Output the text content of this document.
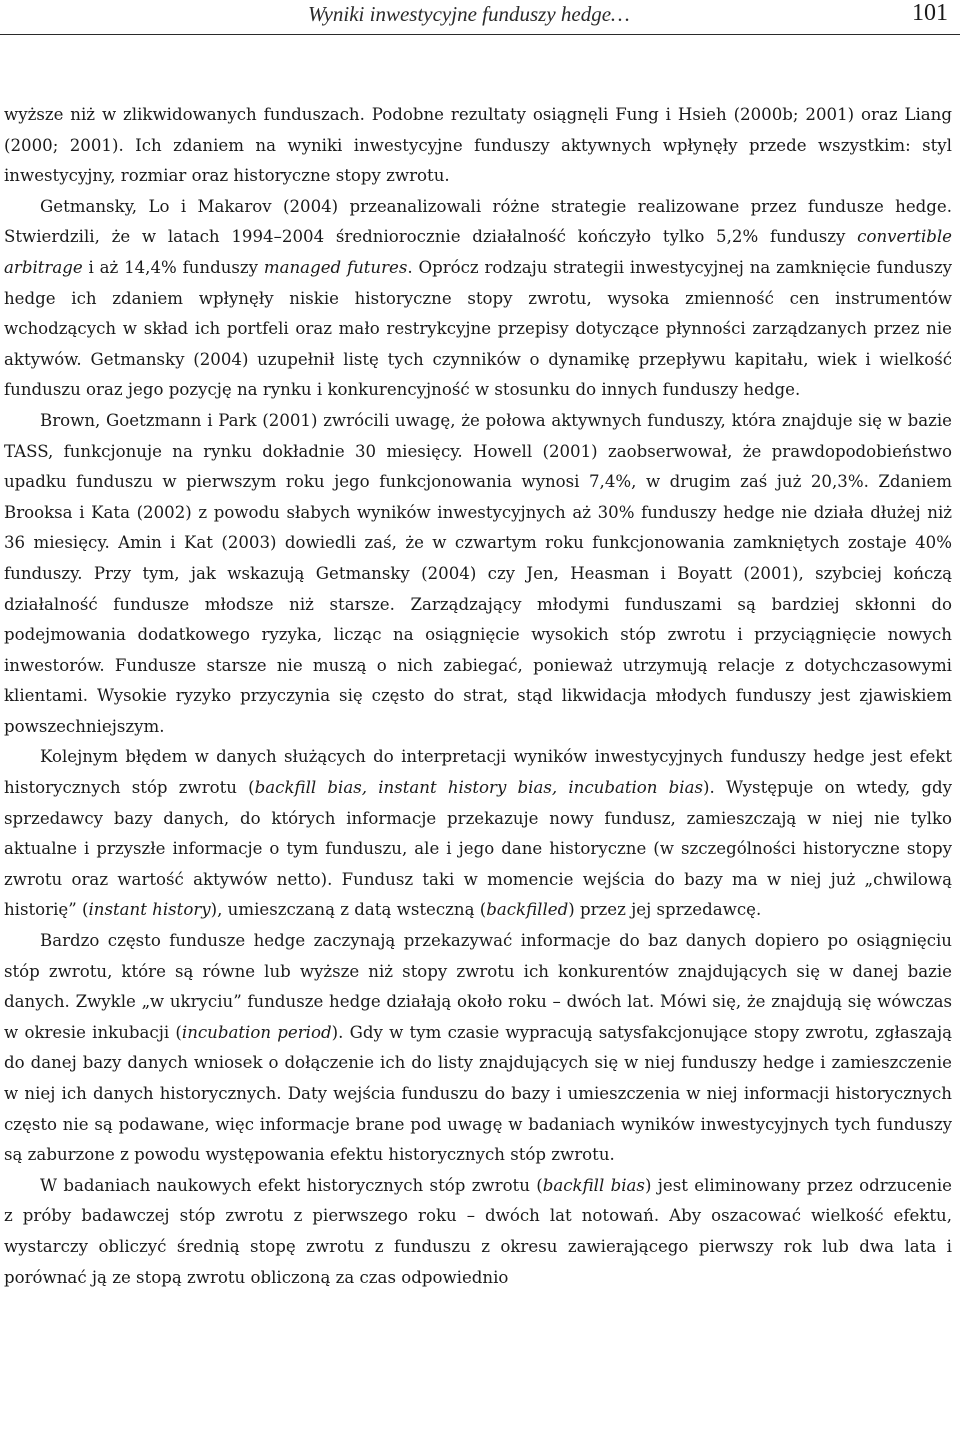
Wyniki inwestycyjne funduszy hedge…	101

wyższe niż w zlikwidowanych funduszach. Podobne rezultaty osiągnęli Fung i Hsieh (2000b; 2001) oraz Liang (2000; 2001). Ich zdaniem na wyniki inwestycyjne funduszy aktywnych wpłynęły przede wszystkim: styl inwestycyjny, rozmiar oraz historyczne stopy zwrotu.

Getmansky, Lo i Makarov (2004) przeanalizowali różne strategie realizowane przez fundusze hedge. Stwierdzili, że w latach 1994–2004 średniorocznie działalność kończyło tylko 5,2% funduszy convertible arbitrage i aż 14,4% funduszy managed futures. Oprócz rodzaju strategii inwestycyjnej na zamknięcie funduszy hedge ich zdaniem wpłynęły niskie historyczne stopy zwrotu, wysoka zmienność cen instrumentów wchodzących w skład ich portfeli oraz mało restrykcyjne przepisy dotyczące płynności zarządzanych przez nie aktywów. Getmansky (2004) uzupełnił listę tych czynników o dynamikę przepływu kapitału, wiek i wielkość funduszu oraz jego pozycję na rynku i konkurencyjność w stosunku do innych funduszy hedge.

Brown, Goetzmann i Park (2001) zwrócili uwagę, że połowa aktywnych funduszy, która znajduje się w bazie TASS, funkcjonuje na rynku dokładnie 30 miesięcy. Howell (2001) zaobserwował, że prawdopodobieństwo upadku funduszu w pierwszym roku jego funkcjonowania wynosi 7,4%, w drugim zaś już 20,3%. Zdaniem Brooksa i Kata (2002) z powodu słabych wyników inwestycyjnych aż 30% funduszy hedge nie działa dłużej niż 36 miesięcy. Amin i Kat (2003) dowiedli zaś, że w czwartym roku funkcjonowania zamkniętych zostaje 40% funduszy. Przy tym, jak wskazują Getmansky (2004) czy Jen, Heasman i Boyatt (2001), szybciej kończą działalność fundusze młodsze niż starsze. Zarządzający młodymi funduszami są bardziej skłonni do podejmowania dodatkowego ryzyka, licząc na osiągnięcie wysokich stóp zwrotu i przyciągnięcie nowych inwestorów. Fundusze starsze nie muszą o nich zabiegać, ponieważ utrzymują relacje z dotychczasowymi klientami. Wysokie ryzyko przyczynia się często do strat, stąd likwidacja młodych funduszy jest zjawiskiem powszechniejszym.

Kolejnym błędem w danych służących do interpretacji wyników inwestycyjnych funduszy hedge jest efekt historycznych stóp zwrotu (backfill bias, instant history bias, incubation bias). Występuje on wtedy, gdy sprzedawcy bazy danych, do których informacje przekazuje nowy fundusz, zamieszczają w niej nie tylko aktualne i przyszłe informacje o tym funduszu, ale i jego dane historyczne (w szczególności historyczne stopy zwrotu oraz wartość aktywów netto). Fundusz taki w momencie wejścia do bazy ma w niej już „chwilową historię” (instant history), umieszczaną z datą wsteczną (backfilled) przez jej sprzedawcę.

Bardzo często fundusze hedge zaczynają przekazywać informacje do baz danych dopiero po osiągnięciu stóp zwrotu, które są równe lub wyższe niż stopy zwrotu ich konkurentów znajdujących się w danej bazie danych. Zwykle „w ukryciu” fundusze hedge działają około roku – dwóch lat. Mówi się, że znajdują się wówczas w okresie inkubacji (incubation period). Gdy w tym czasie wypracują satysfakcjonujące stopy zwrotu, zgłaszają do danej bazy danych wniosek o dołączenie ich do listy znajdujących się w niej funduszy hedge i zamieszczenie w niej ich danych historycznych. Daty wejścia funduszu do bazy i umieszczenia w niej informacji historycznych często nie są podawane, więc informacje brane pod uwagę w badaniach wyników inwestycyjnych tych funduszy są zaburzone z powodu występowania efektu historycznych stóp zwrotu.

W badaniach naukowych efekt historycznych stóp zwrotu (backfill bias) jest eliminowany przez odrzucenie z próby badawczej stóp zwrotu z pierwszego roku – dwóch lat notowań. Aby oszacować wielkość efektu, wystarczy obliczyć średnią stopę zwrotu z funduszu z okresu zawierającego pierwszy rok lub dwa lata i porównać ją ze stopą zwrotu obliczoną za czas odpowiednio
